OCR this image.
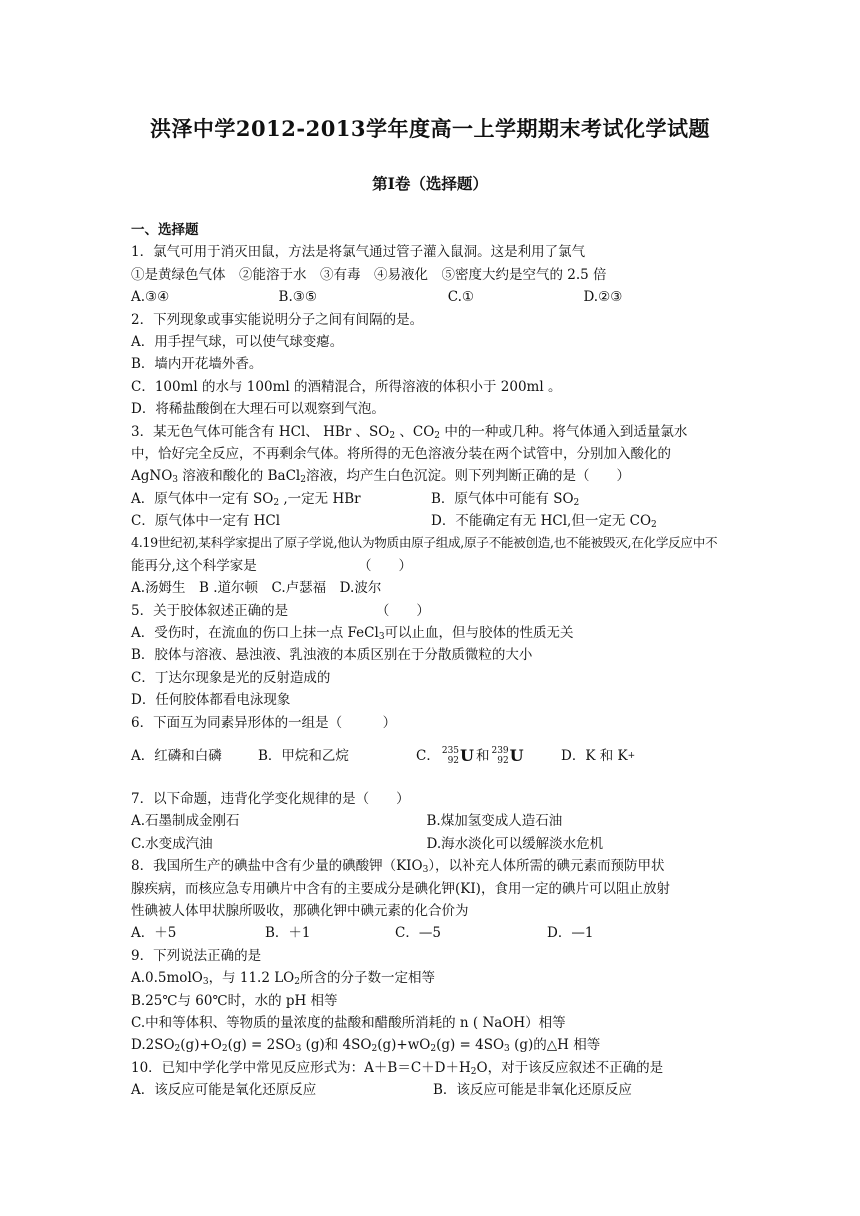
洪泽中学2012-2013学年度高一上学期期末考试化学试题
第Ⅰ卷（选择题）
一、选择题
1．氯气可用于消灭田鼠，方法是将氯气通过管子灌入鼠洞。这是利用了氯气
①是黄绿色气体　②能溶于水　③有毒　④易液化　⑤密度大约是空气的 2.5 倍
A.③④	B.③⑤	C.①	D.②③
2．下列现象或事实能说明分子之间有间隔的是。
A．用手捏气球，可以使气球变瘪。
B．墙内开花墙外香。
C．100ml 的水与 100ml 的酒精混合，所得溶液的体积小于 200ml 。
D．将稀盐酸倒在大理石可以观察到气泡。
3．某无色气体可能含有 HCl、 HBr 、$SO_2$ 、$CO_2$ 中的一种或几种。将气体通入到适量氯水
中，恰好完全反应，不再剩余气体。将所得的无色溶液分装在两个试管中，分别加入酸化的
AgNO$_3$ 溶液和酸化的 BaCl$_2$溶液，均产生白色沉淀。则下列判断正确的是（　　）
A．原气体中一定有 $SO_2$ ,一定无 HBr	B．原气体中可能有 $SO_2$
C．原气体中一定有 HCl	D．不能确定有无 HCl,但一定无 $CO_2$
4.19世纪初,某科学家提出了原子学说,他认为物质由原子组成,原子不能被创造,也不能被毁灭,在化学反应中不
能再分,这个科学家是　　　　　　　　（　　）
A.汤姆生　B .道尔顿　C.卢瑟福　D.波尔
5．关于胶体叙述正确的是　　　　　　　（　　）
A．受伤时，在流血的伤口上抹一点 FeCl$_3$可以止血，但与胶体的性质无关
B．胶体与溶液、悬浊液、乳浊液的本质区别在于分散质微粒的大小
C．丁达尔现象是光的反射造成的
D．任何胶体都看电泳现象
6．下面互为同素异形体的一组是（　　　）
A．红磷和白磷	B．甲烷和乙烷	C． 235
92 U 和 239
92 U	D．K 和 K +
7．以下命题，违背化学变化规律的是（　　）
A.石墨制成金刚石	B.煤加氢变成人造石油
C.水变成汽油	D.海水淡化可以缓解淡水危机
8．我国所生产的碘盐中含有少量的碘酸钾$(KIO_3)$，以补充人体所需的碘元素而预防甲状
腺疾病，而核应急专用碘片中含有的主要成分是碘化钾(KI)，食用一定的碘片可以阻止放射
性碘被人体甲状腺所吸收，那碘化钾中碘元素的化合价为
A．＋5	B．＋1	C．—5	D．—1
9．下列说法正确的是
A.0.5molO$_3$，与 11.2 $LO_2$所含的分子数一定相等
B.25℃与 60℃时，水的 pH 相等
C.中和等体积、等物质的量浓度的盐酸和醋酸所消耗的 n ( NaOH）相等
$D.2SO_2(g)+O_2(g) = 2SO_3$ (g)和 $4SO_2(g)+wO_2(g) = 4SO_3$ (g)的△H 相等
10．已知中学化学中常见反应形式为：$A+B=C+D+H_2O$，对于该反应叙述不正确的是
A．该反应可能是氧化还原反应	B．该反应可能是非氧化还原反应
